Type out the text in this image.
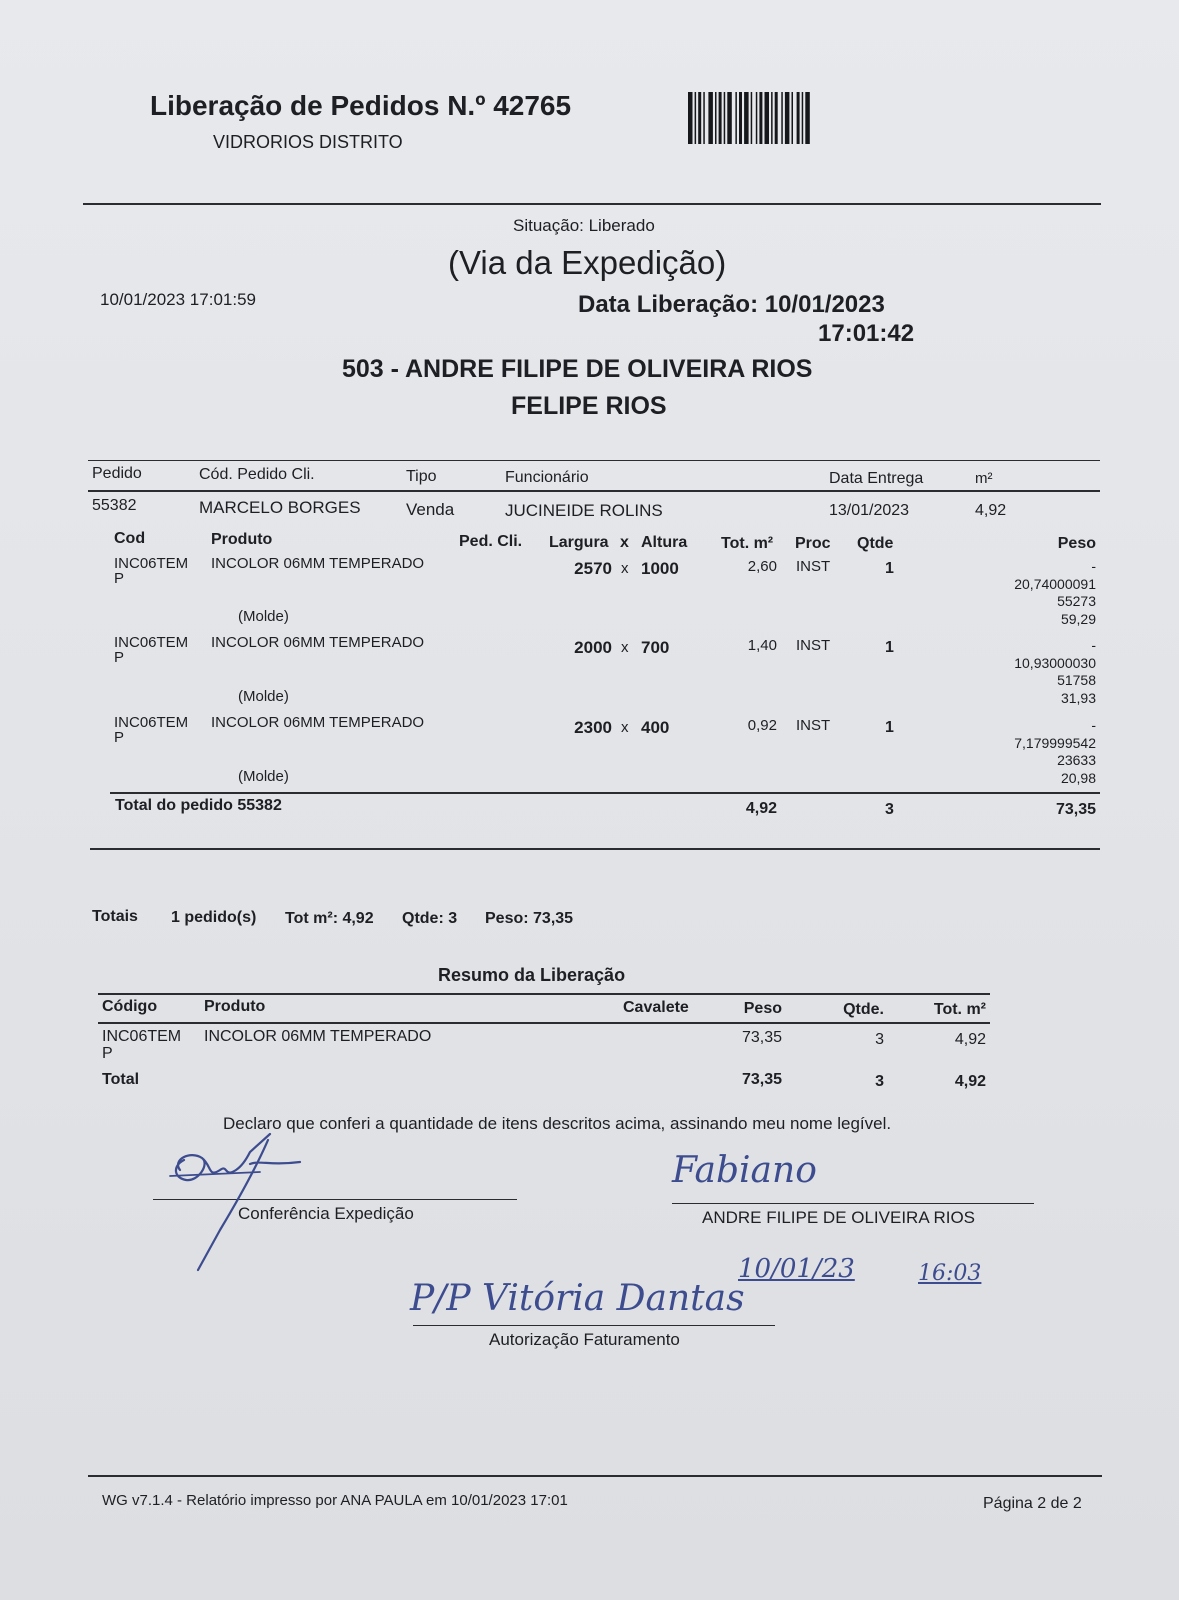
Liberação de Pedidos N.º 42765
VIDRORIOS DISTRITO
Situação: Liberado
(Via da Expedição)
10/01/2023 17:01:59	Data Liberação: 10/01/2023
17:01:42
503 - ANDRE FILIPE DE OLIVEIRA RIOS
FELIPE RIOS
Pedido	Cód. Pedido Cli.	Tipo	Funcionário	Data Entrega	m²
55382	MARCELO BORGES	Venda	JUCINEIDE ROLINS	13/01/2023	4,92
Cod	Produto	Ped. Cli. Largura x Altura Tot. m² Proc Qtde	Peso
INC06TEM
P
INCOLOR 06MM TEMPERADO	2570 x 1000	2,60 INST	1	-
20,74000091
55273
59,29
(Molde)
INC06TEM
P
INCOLOR 06MM TEMPERADO	2000 x 700	1,40 INST	1	-
10,93000030
51758
31,93
(Molde)
INC06TEM
P
INCOLOR 06MM TEMPERADO	2300 x 400	0,92 INST	1	-
7,179999542
23633
20,98
(Molde)
Total do pedido 55382	4,92	3	73,35
Totais 1 pedido(s) Tot m²: 4,92 Qtde: 3 Peso: 73,35
Resumo da Liberação
Código	Produto	Cavalete	Peso	Qtde.	Tot. m²
INC06TEM
P
INCOLOR 06MM TEMPERADO	73,35	3	4,92
Total	73,35	3	4,92
Declaro que conferi a quantidade de itens descritos acima, assinando meu nome legível.
Conferência Expedição	ANDRE FILIPE DE OLIVEIRA RIOS
Autorização Faturamento
Fabiano
10/01/23	16:03
P/P Vitória Dantas
WG v7.1.4 - Relatório impresso por ANA PAULA em 10/01/2023 17:01	Página 2 de 2
